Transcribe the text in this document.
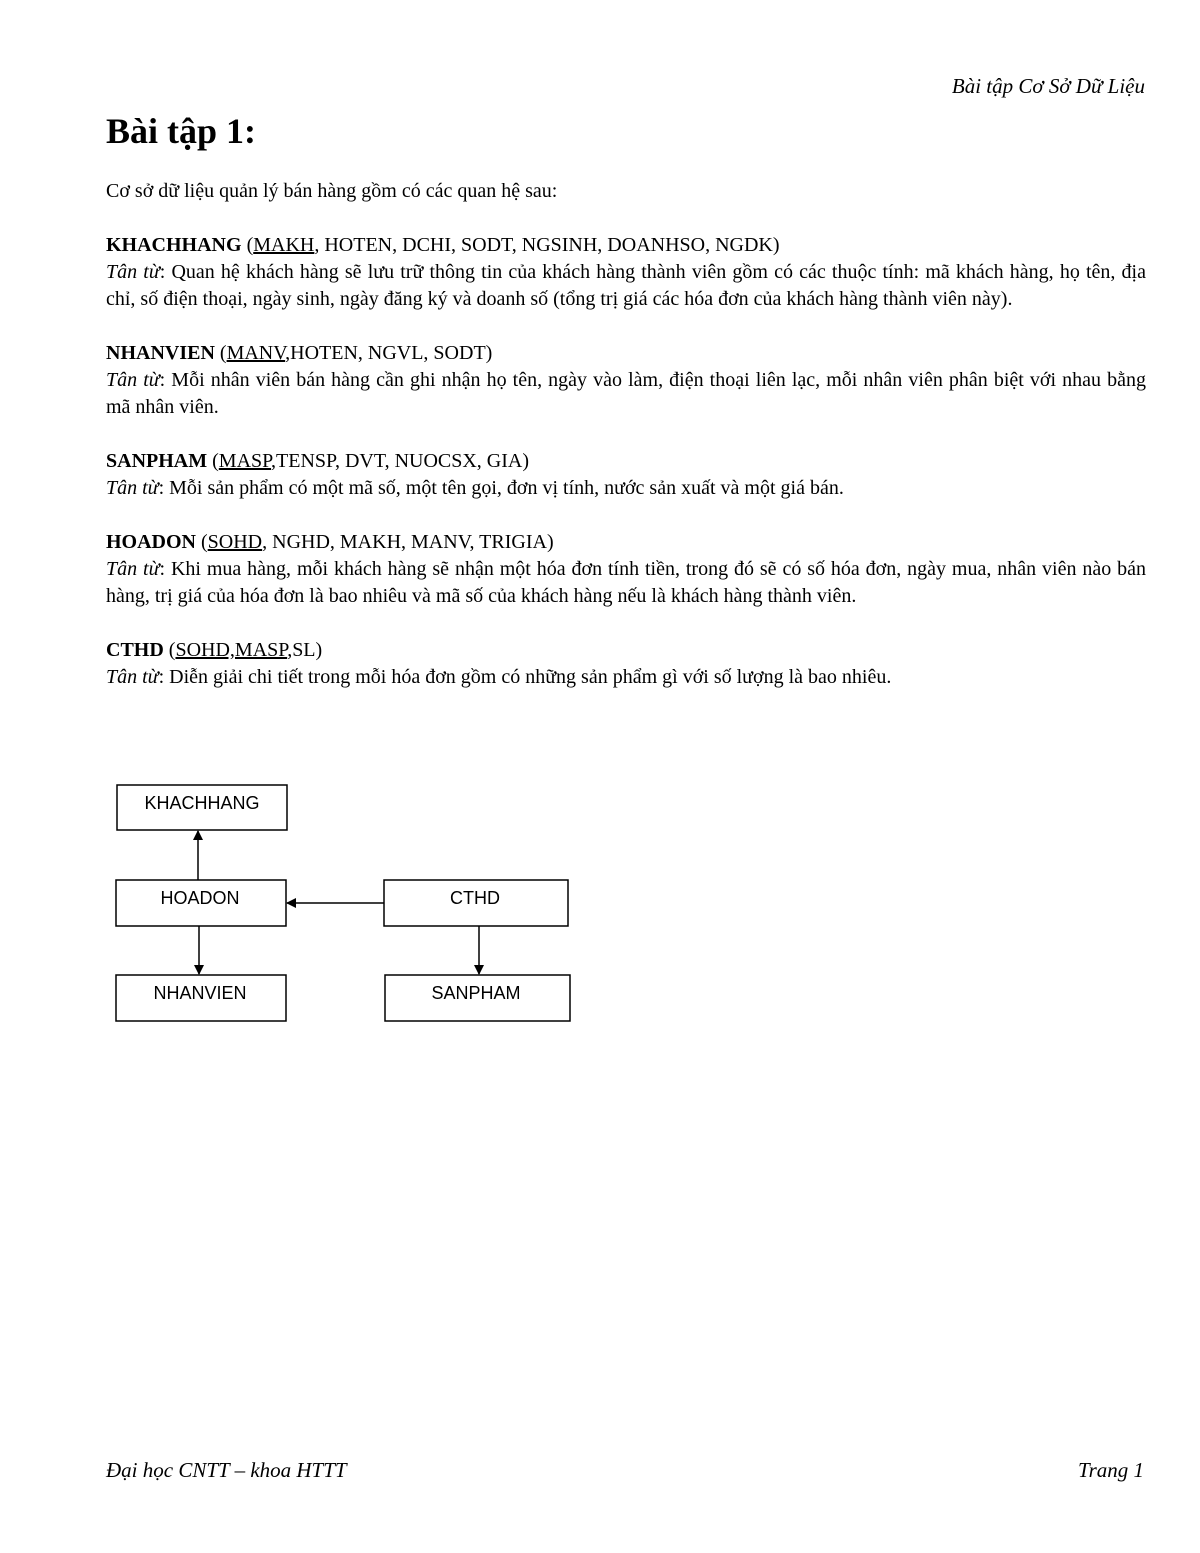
Bài tập Cơ Sở Dữ Liệu
Bài tập 1:

Cơ sở dữ liệu quản lý bán hàng gồm có các quan hệ sau:

KHACHHANG (MAKH, HOTEN, DCHI, SODT, NGSINH, DOANHSO, NGDK)

Tân từ: Quan hệ khách hàng sẽ lưu trữ thông tin của khách hàng thành viên gồm có các thuộc tính: mã khách hàng, họ tên, địa chỉ, số điện thoại, ngày sinh, ngày đăng ký và doanh số (tổng trị giá các hóa đơn của khách hàng thành viên này).

NHANVIEN (MANV,HOTEN, NGVL, SODT)

Tân từ: Mỗi nhân viên bán hàng cần ghi nhận họ tên, ngày vào làm, điện thoại liên lạc, mỗi nhân viên phân biệt với nhau bằng mã nhân viên.

SANPHAM (MASP,TENSP, DVT, NUOCSX, GIA)

Tân từ: Mỗi sản phẩm có một mã số, một tên gọi, đơn vị tính, nước sản xuất và một giá bán.

HOADON (SOHD, NGHD, MAKH, MANV, TRIGIA)

Tân từ: Khi mua hàng, mỗi khách hàng sẽ nhận một hóa đơn tính tiền, trong đó sẽ có số hóa đơn, ngày mua, nhân viên nào bán hàng, trị giá của hóa đơn là bao nhiêu và mã số của khách hàng nếu là khách hàng thành viên.

CTHD (SOHD,MASP,SL)

Tân từ: Diễn giải chi tiết trong mỗi hóa đơn gồm có những sản phẩm gì với số lượng là bao nhiêu.

KHACHHANG
HOADON	CTHD
NHANVIEN	SANPHAM
Đại học CNTT – khoa HTTT	Trang 1
